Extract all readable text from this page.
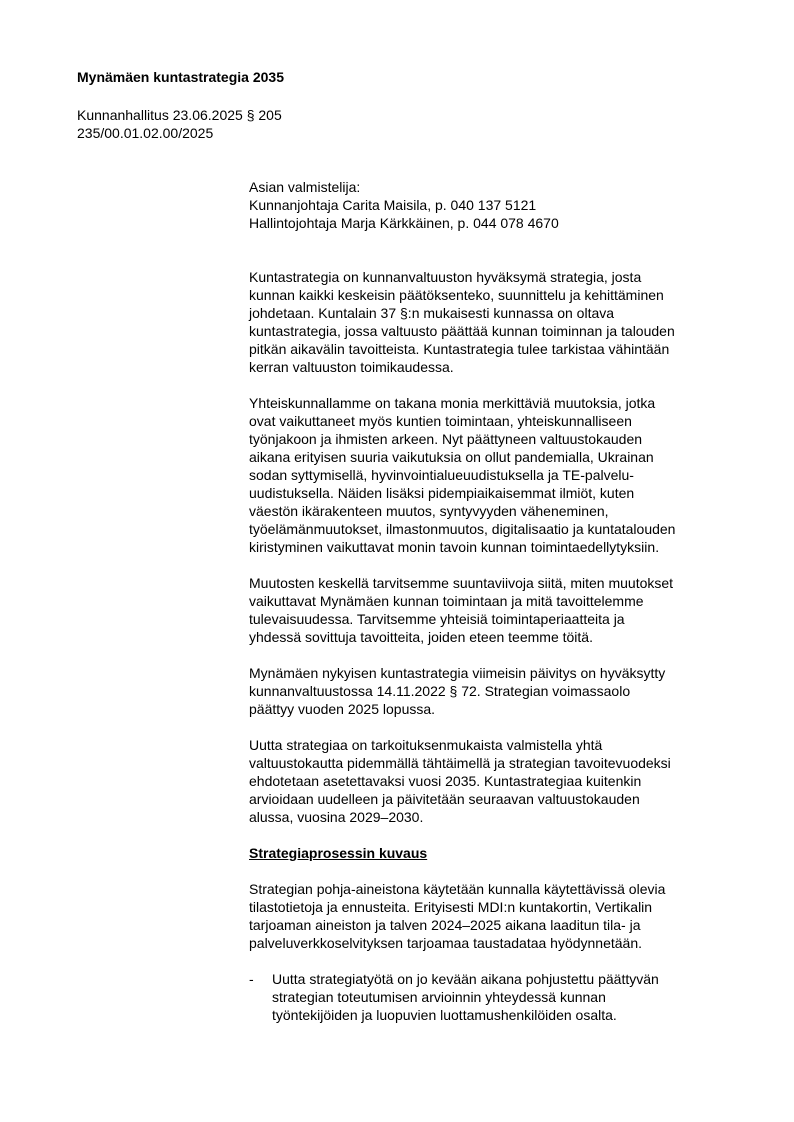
Mynämäen kuntastrategia 2035
Kunnanhallitus 23.06.2025 § 205
235/00.01.02.00/2025
Asian valmistelija:
Kunnanjohtaja Carita Maisila, p. 040 137 5121
Hallintojohtaja Marja Kärkkäinen, p. 044 078 4670
Kuntastrategia on kunnanvaltuuston hyväksymä strategia, josta
kunnan kaikki keskeisin päätöksenteko, suunnittelu ja kehittäminen
johdetaan. Kuntalain 37 §:n mukaisesti kunnassa on oltava
kuntastrategia, jossa valtuusto päättää kunnan toiminnan ja talouden
pitkän aikavälin tavoitteista. Kuntastrategia tulee tarkistaa vähintään
kerran valtuuston toimikaudessa.
Yhteiskunnallamme on takana monia merkittäviä muutoksia, jotka
ovat vaikuttaneet myös kuntien toimintaan, yhteiskunnalliseen
työnjakoon ja ihmisten arkeen. Nyt päättyneen valtuustokauden
aikana erityisen suuria vaikutuksia on ollut pandemialla, Ukrainan
sodan syttymisellä, hyvinvointialueuudistuksella ja TE-palvelu-
uudistuksella. Näiden lisäksi pidempiaikaisemmat ilmiöt, kuten
väestön ikärakenteen muutos, syntyvyyden väheneminen,
työelämänmuutokset, ilmastonmuutos, digitalisaatio ja kuntatalouden
kiristyminen vaikuttavat monin tavoin kunnan toimintaedellytyksiin.
Muutosten keskellä tarvitsemme suuntaviivoja siitä, miten muutokset
vaikuttavat Mynämäen kunnan toimintaan ja mitä tavoittelemme
tulevaisuudessa. Tarvitsemme yhteisiä toimintaperiaatteita ja
yhdessä sovittuja tavoitteita, joiden eteen teemme töitä.
Mynämäen nykyisen kuntastrategia viimeisin päivitys on hyväksytty
kunnanvaltuustossa 14.11.2022 § 72. Strategian voimassaolo
päättyy vuoden 2025 lopussa.
Uutta strategiaa on tarkoituksenmukaista valmistella yhtä
valtuustokautta pidemmällä tähtäimellä ja strategian tavoitevuodeksi
ehdotetaan asetettavaksi vuosi 2035. Kuntastrategiaa kuitenkin
arvioidaan uudelleen ja päivitetään seuraavan valtuustokauden
alussa, vuosina 2029–2030.
Strategiaprosessin kuvaus
Strategian pohja-aineistona käytetään kunnalla käytettävissä olevia
tilastotietoja ja ennusteita. Erityisesti MDI:n kuntakortin, Vertikalin
tarjoaman aineiston ja talven 2024–2025 aikana laaditun tila- ja
palveluverkkoselvityksen tarjoamaa taustadataa hyödynnetään.
- Uutta strategiatyötä on jo kevään aikana pohjustettu päättyvän
strategian toteutumisen arvioinnin yhteydessä kunnan
työntekijöiden ja luopuvien luottamushenkilöiden osalta.
